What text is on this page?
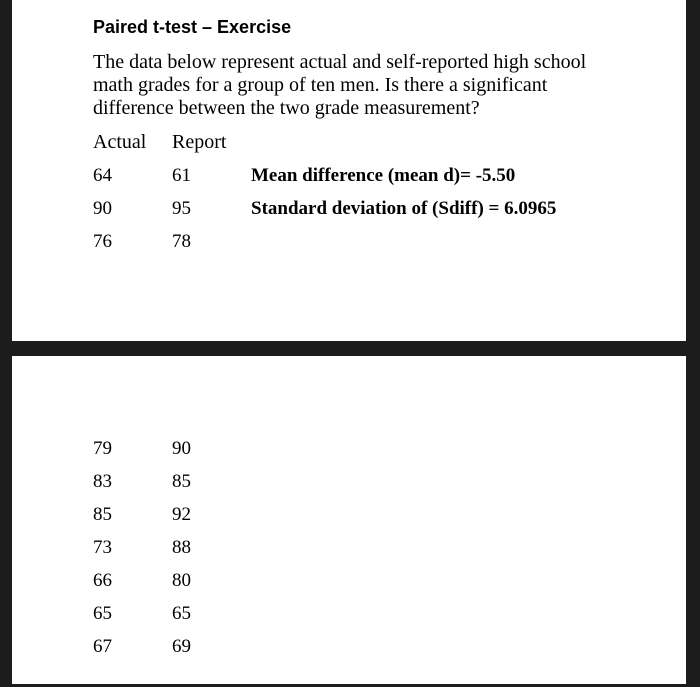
Paired t-test – Exercise
The data below represent actual and self-reported high school
math grades for a group of ten men. Is there a significant
difference between the two grade measurement?
Actual Report
64	61
90	95
76	78
Mean difference (mean d)= -5.50
Standard deviation of (Sdiff) = 6.0965
79	90
83	85
85	92
73	88
66	80
65	65
67	69
